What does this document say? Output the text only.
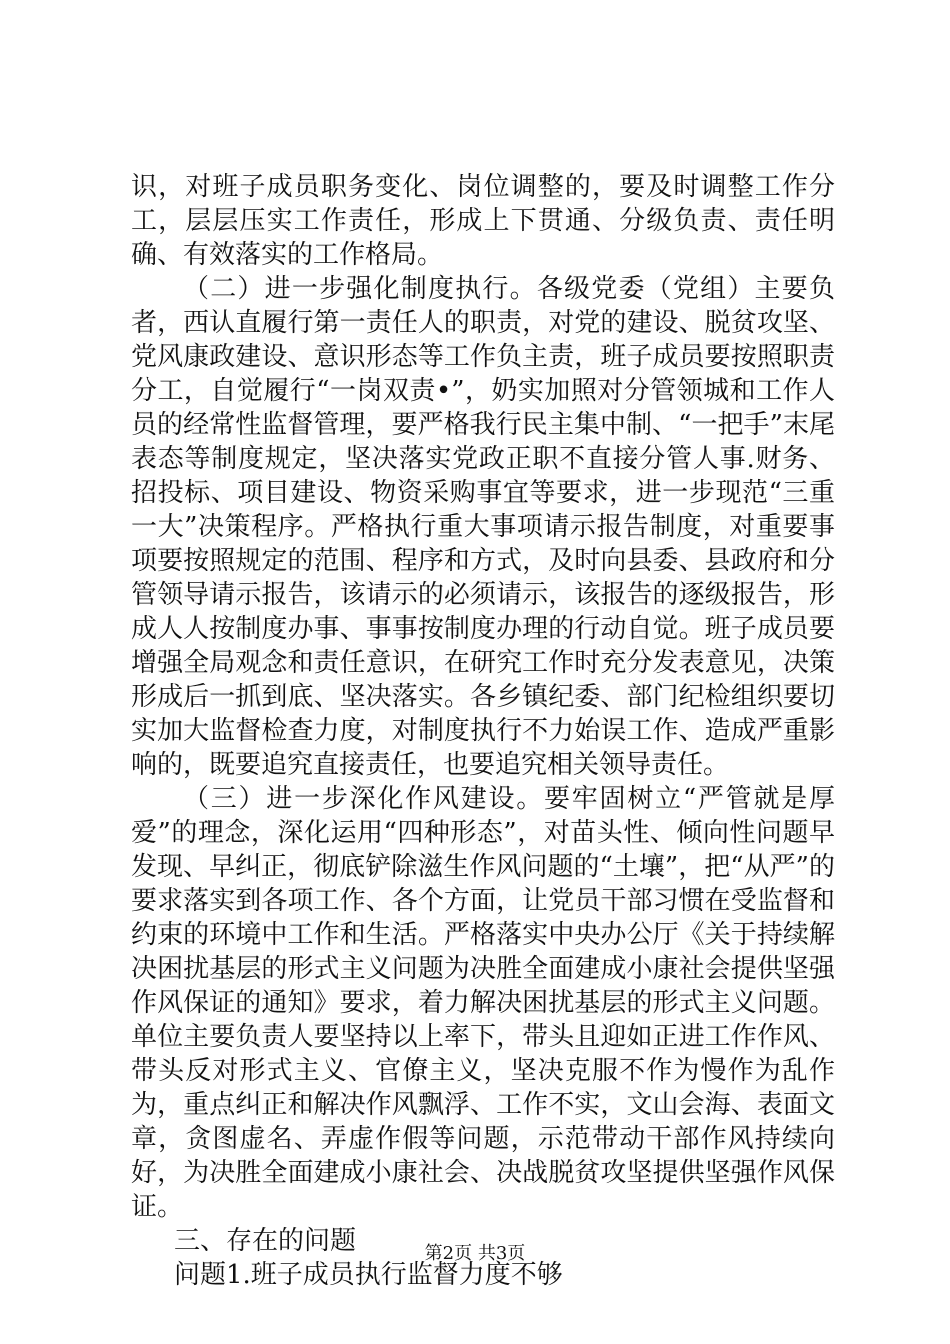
识，对班子成员职务变化、岗位调整的，要及时调整工作分工，层层压实工作责任，形成上下贯通、分级负责、责任明确、有效落实的工作格局。

（二）进一步强化制度执行。各级党委（党组）主要负者，西认直履行第一责任人的职责，对党的建设、脱贫攻坚、党风康政建设、意识形态等工作负主责，班子成员要按照职责分工，自觉履行“一岗双责•”，奶实加照对分管领城和工作人员的经常性监督管理，要严格我行民主集中制、“一把手”末尾表态等制度规定，坚决落实党政正职不直接分管人事.财务、招投标、项目建设、物资采购事宜等要求，进一步现范“三重一大”决策程序。严格执行重大事项请示报告制度，对重要事项要按照规定的范围、程序和方式，及时向县委、县政府和分管领导请示报告，该请示的必须请示，该报告的逐级报告，形成人人按制度办事、事事按制度办理的行动自觉。班子成员要增强全局观念和责任意识，在研究工作时充分发表意见，决策形成后一抓到底、坚决落实。各乡镇纪委、部门纪检组织要切实加大监督检查力度，对制度执行不力始误工作、造成严重影响的，既要追究直接责任，也要追究相关领导责任。

（三）进一步深化作风建设。要牢固树立“严管就是厚爱”的理念，深化运用“四种形态”，对苗头性、倾向性问题早发现、早纠正，彻底铲除滋生作风问题的“土壤”，把“从严”的要求落实到各项工作、各个方面，让党员干部习惯在受监督和约束的环境中工作和生活。严格落实中央办公厅《关于持续解决困扰基层的形式主义问题为决胜全面建成小康社会提供坚强作风保证的通知》要求，着力解决困扰基层的形式主义问题。单位主要负责人要坚持以上率下，带头且迎如正进工作作风、带头反对形式主义、官僚主义，坚决克服不作为慢作为乱作为，重点纠正和解决作风飘浮、工作不实，文山会海、表面文章，贪图虚名、弄虚作假等问题，示范带动干部作风持续向好，为决胜全面建成小康社会、决战脱贫攻坚提供坚强作风保证。

三、存在的问题

问题1.班子成员执行监督力度不够

第2页 共3页
